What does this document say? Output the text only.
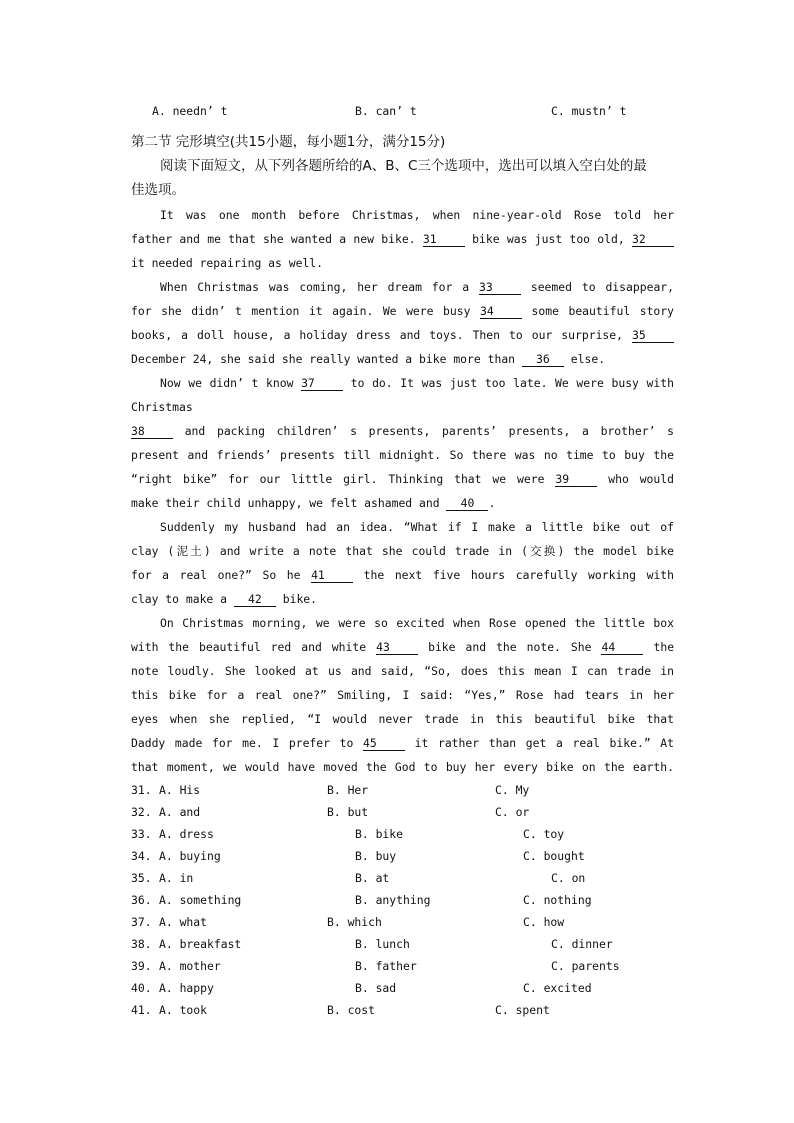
A. needn’ t	B. can’ t	C. mustn’ t
第二节 完形填空(共15小题，每小题1分，满分15分)
阅读下面短文，从下列各题所给的A、B、C三个选项中，选出可以填入空白处的最
佳选项。
It was one month before Christmas, when nine-year-old Rose told her
father and me that she wanted a new bike. 31	bike was just too old, 32
it needed repairing as well.
When Christmas was coming, her dream for a 33	seemed to disappear,
for she didn’ t mention it again. We were busy 34	some beautiful story
books, a doll house, a holiday dress and toys. Then to our surprise, 35
December 24, she said she really wanted a bike more than 36 else.
Now we didn’ t know 37	to do. It was just too late. We were busy with
Christmas
38	and packing children’ s presents, parents’ presents, a brother’ s
present and friends’ presents till midnight. So there was no time to buy the
“right bike” for our little girl. Thinking that we were 39	who would
make their child unhappy, we felt ashamed and 40 .
Suddenly my husband had an idea. “What if I make a little bike out of
clay (泥土) and write a note that she could trade in (交换) the model bike
for a real one?” So he 41	the next five hours carefully working with
clay to make a 42 bike.
On Christmas morning, we were so excited when Rose opened the little box
with the beautiful red and white 43	bike and the note. She 44	the
note loudly. She looked at us and said, “So, does this mean I can trade in
this bike for a real one?” Smiling, I said: “Yes,” Rose had tears in her
eyes when she replied, “I would never trade in this beautiful bike that
Daddy made for me. I prefer to 45	it rather than get a real bike.” At
that moment, we would have moved the God to buy her every bike on the earth.
31. A. His	B. Her	C. My
32. A. and	B. but	C. or
33. A. dress	B. bike	C. toy
34. A. buying	B. buy	C. bought
35. A. in	B. at	C. on
36. A. something	B. anything	C. nothing
37. A. what	B. which	C. how
38. A. breakfast	B. lunch	C. dinner
39. A. mother	B. father	C. parents
40. A. happy	B. sad	C. excited
41. A. took	B. cost	C. spent
